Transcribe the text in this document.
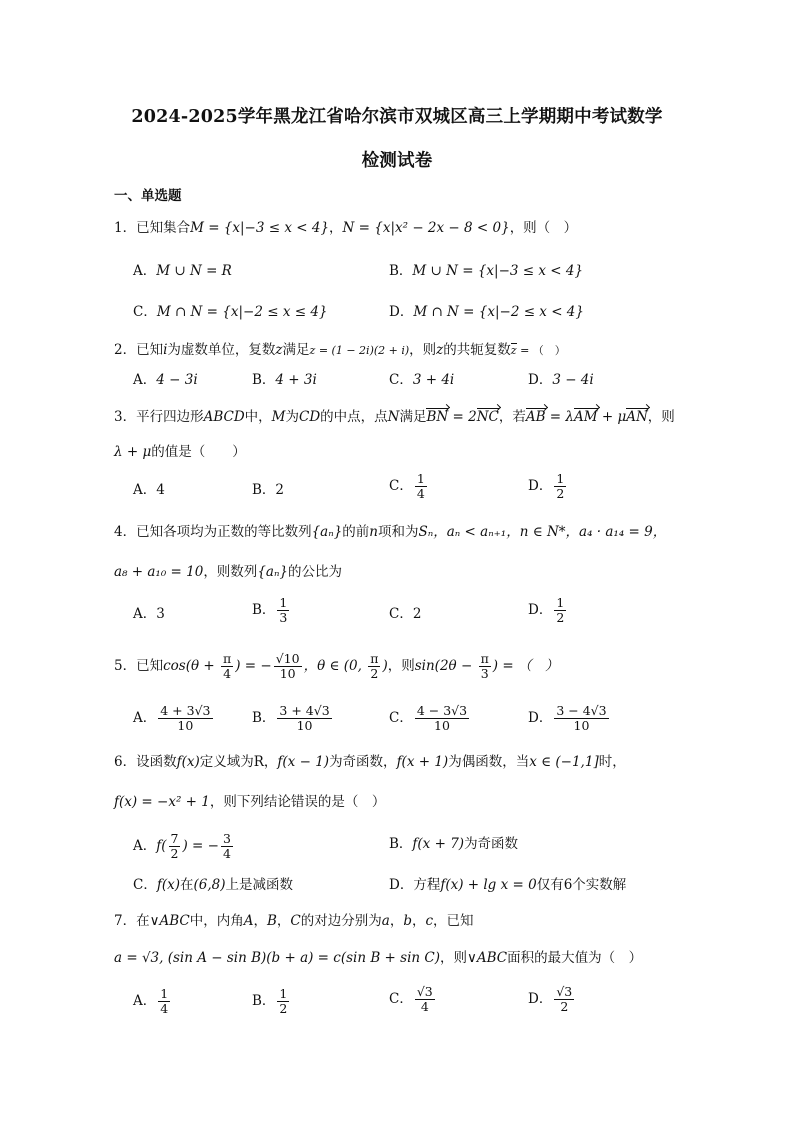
2024-2025学年黑龙江省哈尔滨市双城区高三上学期期中考试数学
检测试卷
一、单选题
1．已知集合M = {x|−3 ≤ x < 4}，N = {x|x² − 2x − 8 < 0}，则（　）
A．M ∪ N = R	B．M ∪ N = {x|−3 ≤ x < 4}
C．M ∩ N = {x|−2 ≤ x ≤ 4}	D．M ∩ N = {x|−2 ≤ x < 4}
2．已知i为虚数单位，复数z满足z = (1 − 2i)(2 + i)，则z的共轭复数z = （　）
A．4 − 3i	B．4 + 3i	C．3 + 4i	D．3 − 4i
3．平行四边形ABCD中，M为CD的中点，点N满足BN = 2NC，若AB = λAM + μAN，则
λ + μ的值是（　　）
A．4	B．2	C． $\frac{1}{4}$	D． $\frac{1}{2}$
4．已知各项均为正数的等比数列{aₙ}的前n项和为Sₙ，aₙ < aₙ₊₁，n ∈ N*，a₄ · a₁₄ = 9，
a₈ + a₁₀ = 10，则数列{aₙ}的公比为
A．3	B． $\frac{1}{3}$	C．2	D． $\frac{1}{2}$
5．已知$\cos(\theta + \frac{\pi}{4}$ ) = − $\frac{√10}{10}$ ，θ ∈ (0, $\frac{\pi}{2}$ )，则$\sin(2\theta - \frac{\pi}{3}$ ) = （　）
A． $\frac{4 + 3√3}{10}$	B． $\frac{3 + 4√3}{10}$	C． $\frac{4 - 3√3}{10}$	D． $\frac{3 - 4√3}{10}$
6．设函数f(x)定义域为R，f(x − 1)为奇函数，f(x + 1)为偶函数，当x ∈ (−1,1]时，
f(x) = −x² + 1，则下列结论错误的是（　）
A．$f( \frac{7}{2}$ ) = − $\frac{3}{4}$	B．f(x + 7)为奇函数
C．f(x)在(6,8)上是减函数	D．方程f(x) + lg x = 0仅有6个实数解
7．在∨ABC中，内角A，B，C的对边分别为a，b，c，已知
a = √3, (sin A − sin B)(b + a) = c(sin B + sin C)，则∨ABC面积的最大值为（　）
A． $\frac{1}{4}$	B． $\frac{1}{2}$	C． $\frac{√3}{4}$	D． $\frac{√3}{2}$
